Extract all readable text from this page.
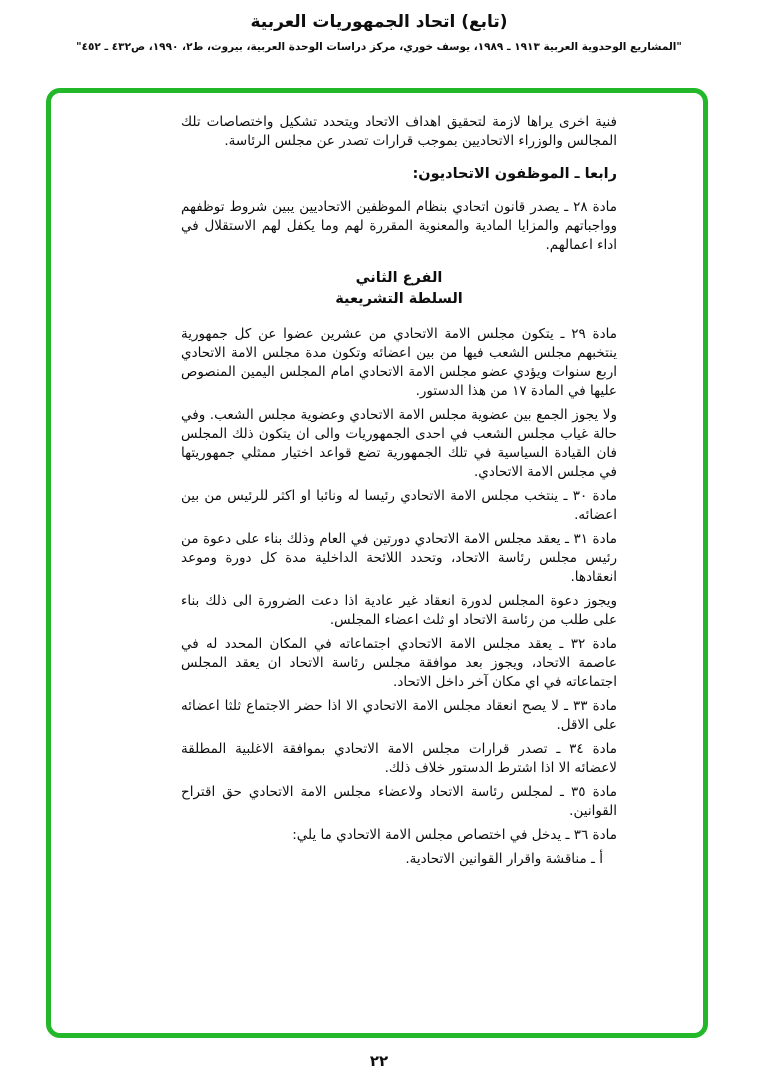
(تابع) اتحاد الجمهوريات العربية
"المشاريع الوحدوية العربية ١٩١٣ ـ ١٩٨٩، يوسف خوري، مركز دراسات الوحدة العربية، بيروت، ط٢، ١٩٩٠، ص٤٣٢ ـ ٤٥٢"

فنية اخرى يراها لازمة لتحقيق اهداف الاتحاد ويتحدد تشكيل واختصاصات تلك المجالس والوزراء الاتحاديين بموجب قرارات تصدر عن مجلس الرئاسة.

رابعا ـ الموظفون الاتحاديون:

مادة ٢٨ ـ يصدر قانون اتحادي بنظام الموظفين الاتحاديين يبين شروط توظفهم وواجباتهم والمزايا المادية والمعنوية المقررة لهم وما يكفل لهم الاستقلال في اداء اعمالهم.

الفرع الثاني
السلطة التشريعية

مادة ٢٩ ـ يتكون مجلس الامة الاتحادي من عشرين عضوا عن كل جمهورية ينتخبهم مجلس الشعب فيها من بين اعضائه وتكون مدة مجلس الامة الاتحادي اربع سنوات ويؤدي عضو مجلس الامة الاتحادي امام المجلس اليمين المنصوص عليها في المادة ١٧ من هذا الدستور.

ولا يجوز الجمع بين عضوية مجلس الامة الاتحادي وعضوية مجلس الشعب. وفي حالة غياب مجلس الشعب في احدى الجمهوريات والى ان يتكون ذلك المجلس فان القيادة السياسية في تلك الجمهورية تضع قواعد اختيار ممثلي جمهوريتها في مجلس الامة الاتحادي.

مادة ٣٠ ـ ينتخب مجلس الامة الاتحادي رئيسا له ونائبا او اكثر للرئيس من بين اعضائه.

مادة ٣١ ـ يعقد مجلس الامة الاتحادي دورتين في العام وذلك بناء على دعوة من رئيس مجلس رئاسة الاتحاد، وتحدد اللائحة الداخلية مدة كل دورة وموعد انعقادها.

ويجوز دعوة المجلس لدورة انعقاد غير عادية اذا دعت الضرورة الى ذلك بناء على طلب من رئاسة الاتحاد او ثلث اعضاء المجلس.

مادة ٣٢ ـ يعقد مجلس الامة الاتحادي اجتماعاته في المكان المحدد له في عاصمة الاتحاد، ويجوز بعد موافقة مجلس رئاسة الاتحاد ان يعقد المجلس اجتماعاته في اي مكان آخر داخل الاتحاد.

مادة ٣٣ ـ لا يصح انعقاد مجلس الامة الاتحادي الا اذا حضر الاجتماع ثلثا اعضائه على الاقل.

مادة ٣٤ ـ تصدر قرارات مجلس الامة الاتحادي بموافقة الاغلبية المطلقة لاعضائه الا اذا اشترط الدستور خلاف ذلك.

مادة ٣٥ ـ لمجلس رئاسة الاتحاد ولاعضاء مجلس الامة الاتحادي حق اقتراح القوانين.

مادة ٣٦ ـ يدخل في اختصاص مجلس الامة الاتحادي ما يلي:

أ ـ مناقشة واقرار القوانين الاتحادية.

٢٢
